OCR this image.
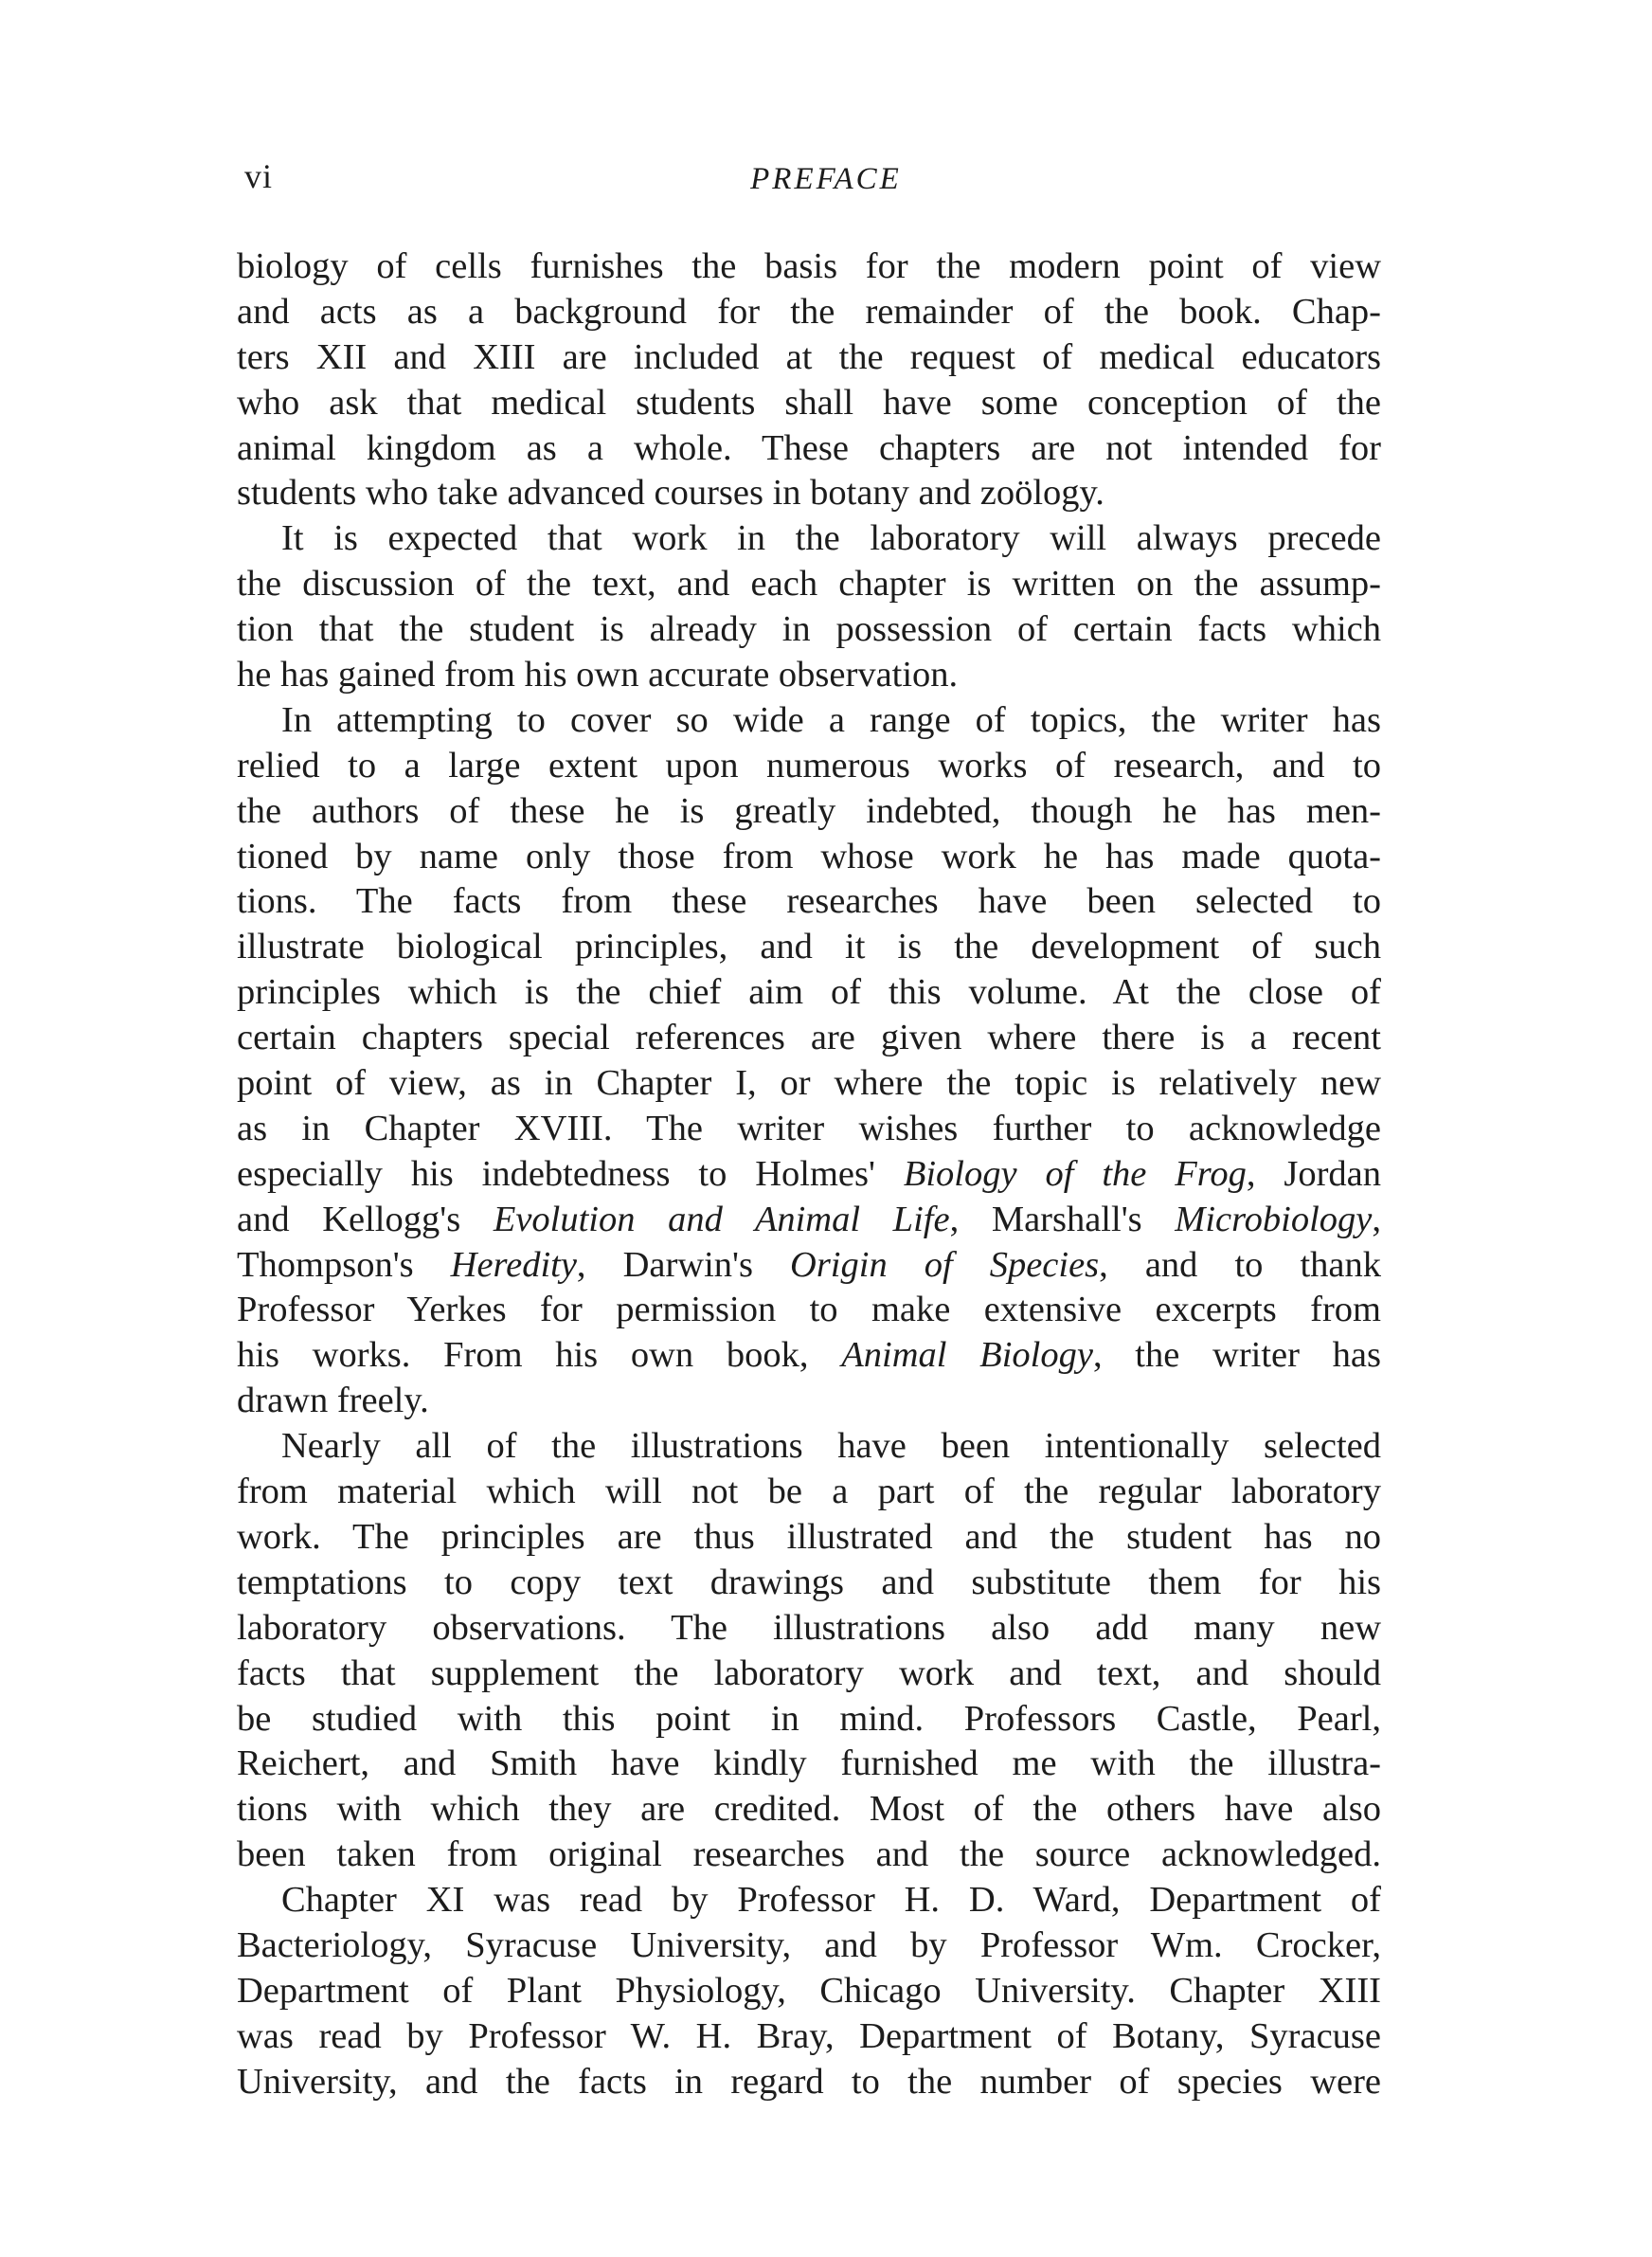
vi	PREFACE
biology of cells furnishes the basis for the modern point of view
and acts as a background for the remainder of the book. Chap-
ters XII and XIII are included at the request of medical educators
who ask that medical students shall have some conception of the
animal kingdom as a whole. These chapters are not intended for
students who take advanced courses in botany and zoölogy.
It is expected that work in the laboratory will always precede
the discussion of the text, and each chapter is written on the assump-
tion that the student is already in possession of certain facts which
he has gained from his own accurate observation.
In attempting to cover so wide a range of topics, the writer has
relied to a large extent upon numerous works of research, and to
the authors of these he is greatly indebted, though he has men-
tioned by name only those from whose work he has made quota-
tions. The facts from these researches have been selected to
illustrate biological principles, and it is the development of such
principles which is the chief aim of this volume. At the close of
certain chapters special references are given where there is a recent
point of view, as in Chapter I, or where the topic is relatively new
as in Chapter XVIII. The writer wishes further to acknowledge
especially his indebtedness to Holmes' Biology of the Frog, Jordan
and Kellogg's Evolution and Animal Life, Marshall's Microbiology,
Thompson's Heredity, Darwin's Origin of Species, and to thank
Professor Yerkes for permission to make extensive excerpts from
his works. From his own book, Animal Biology, the writer has
drawn freely.
Nearly all of the illustrations have been intentionally selected
from material which will not be a part of the regular laboratory
work. The principles are thus illustrated and the student has no
temptations to copy text drawings and substitute them for his
laboratory observations. The illustrations also add many new
facts that supplement the laboratory work and text, and should
be studied with this point in mind. Professors Castle, Pearl,
Reichert, and Smith have kindly furnished me with the illustra-
tions with which they are credited. Most of the others have also
been taken from original researches and the source acknowledged.
Chapter XI was read by Professor H. D. Ward, Department of
Bacteriology, Syracuse University, and by Professor Wm. Crocker,
Department of Plant Physiology, Chicago University. Chapter XIII
was read by Professor W. H. Bray, Department of Botany, Syracuse
University, and the facts in regard to the number of species were
